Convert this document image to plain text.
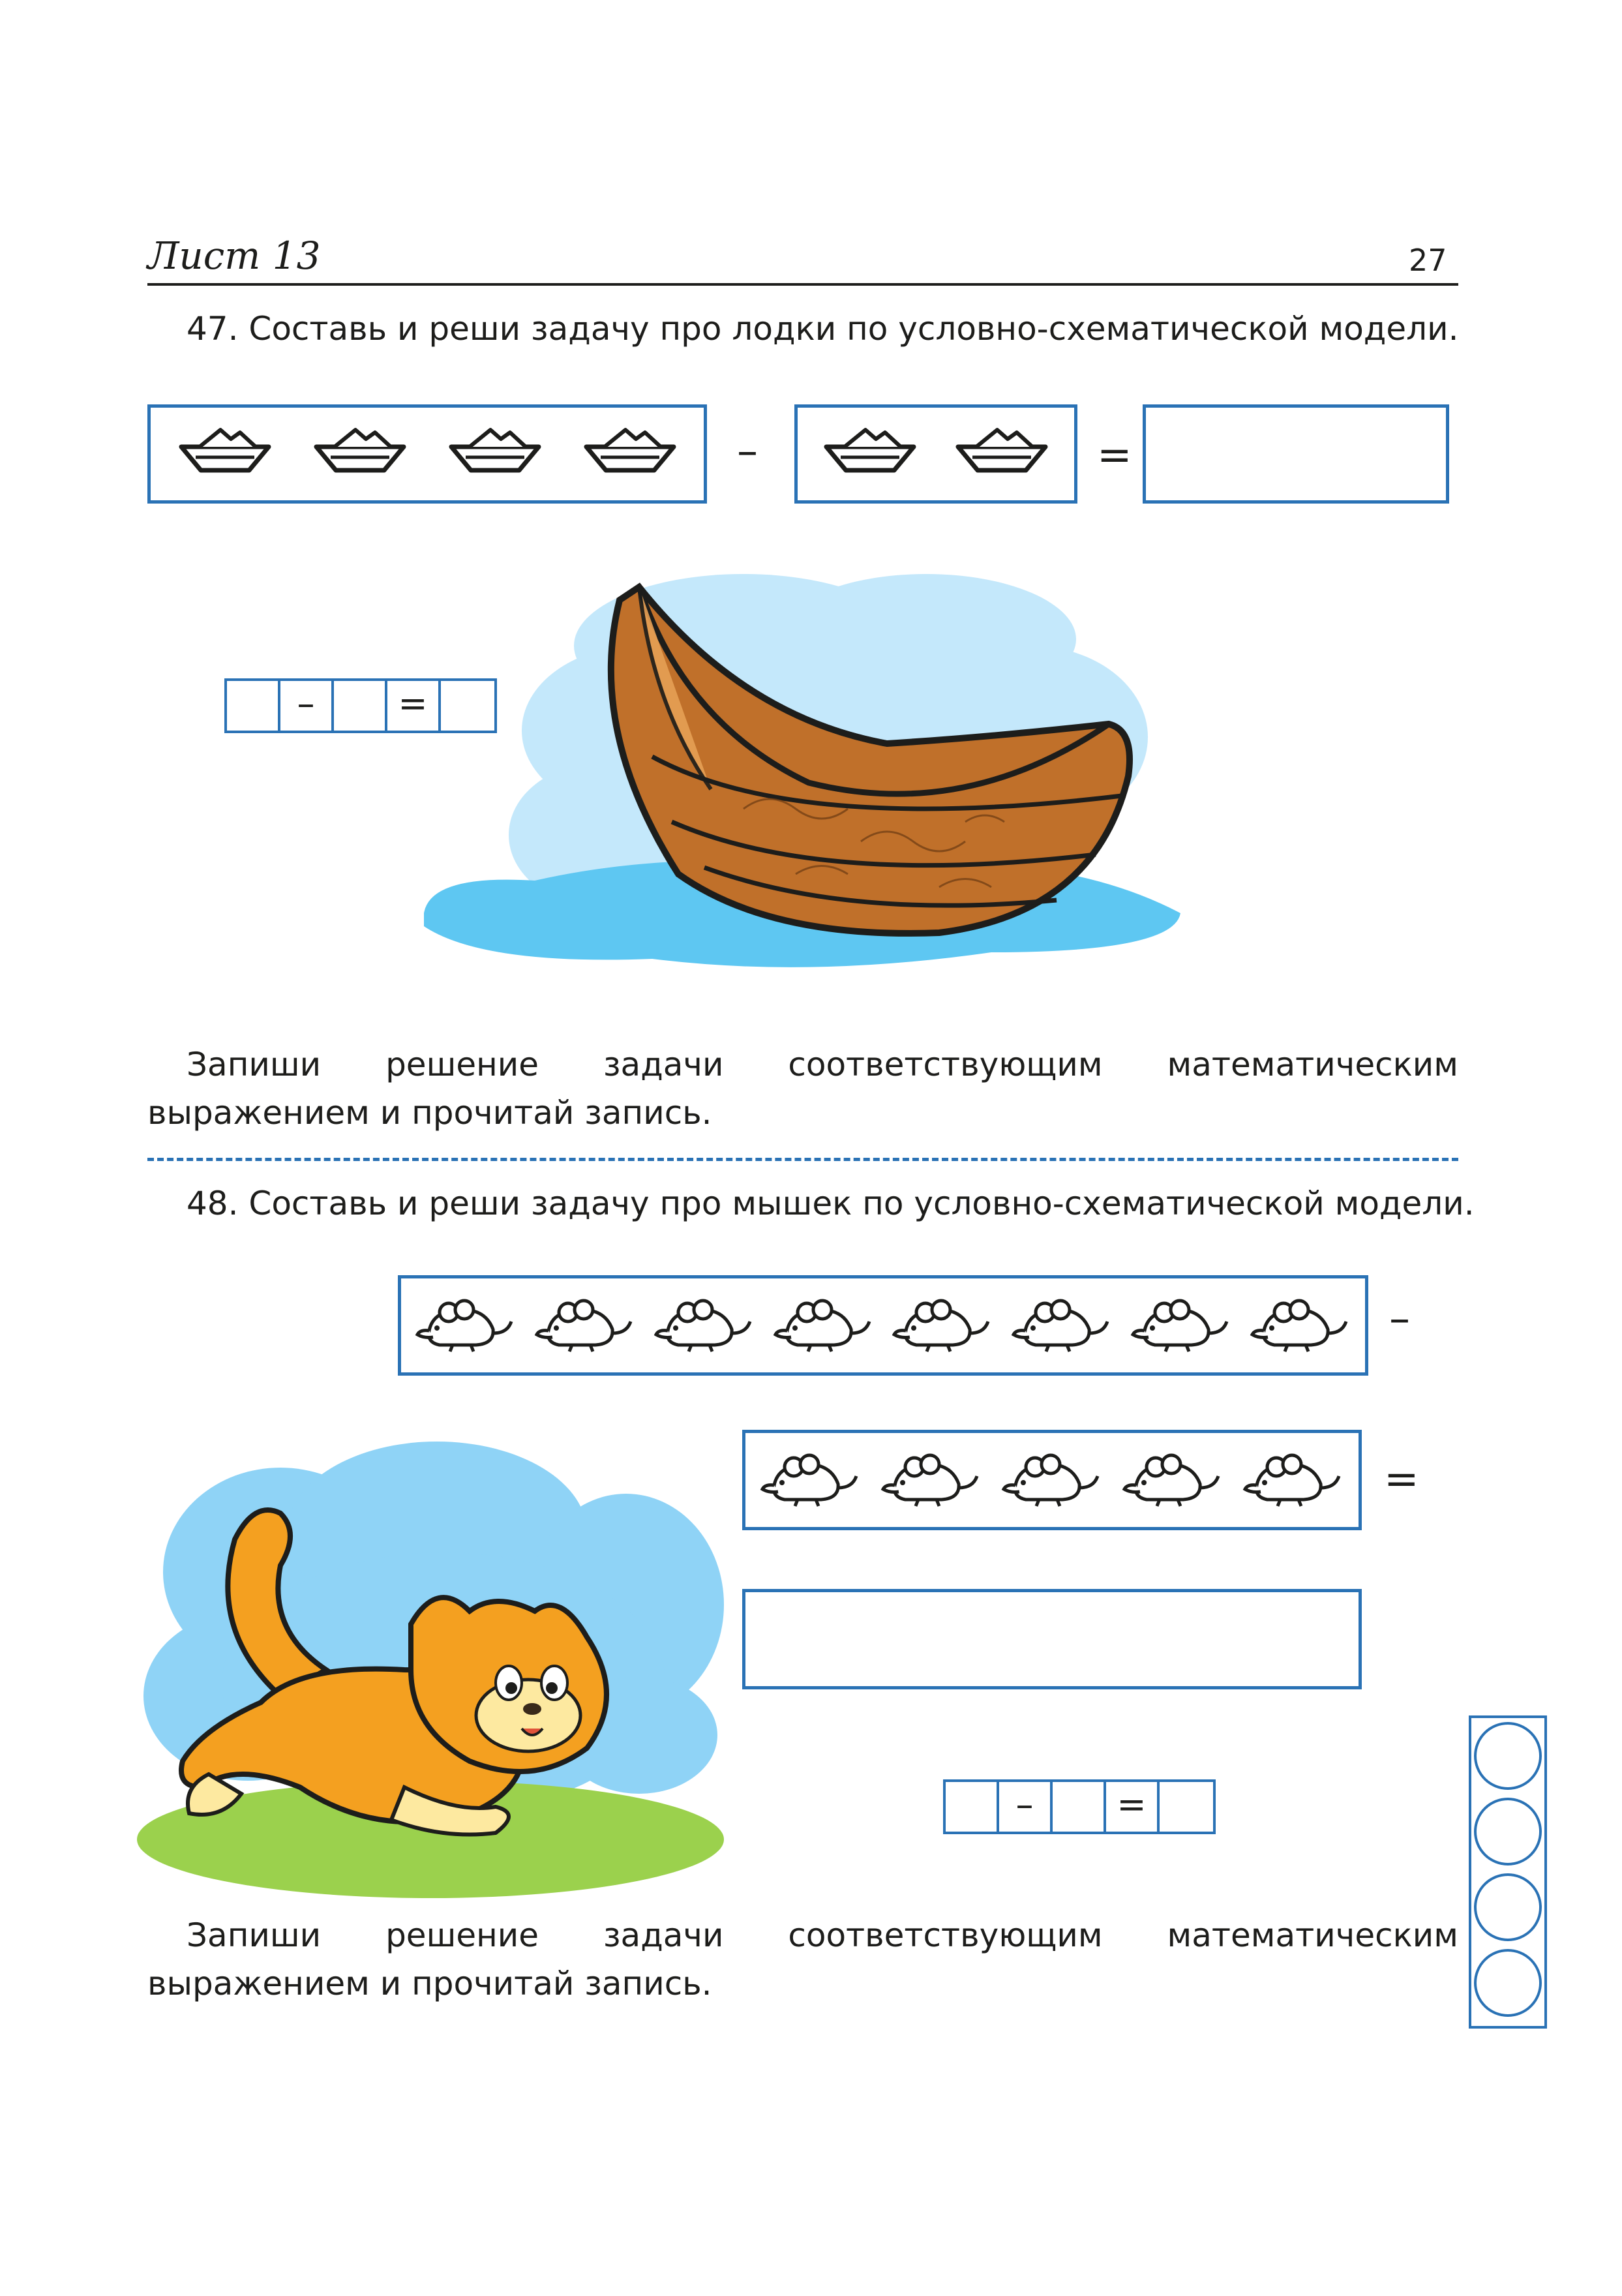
Лист 13	27
47. Составь и реши задачу про лодки по условно-схематической модели.
–	=
–	=
Запиши решение задачи соответствующим математическим выражением и прочитай запись.
48. Составь и реши задачу про мышек по условно-схематической модели.
–
=
–	=
Запиши решение задачи соответствующим математическим выражением и прочитай запись.
